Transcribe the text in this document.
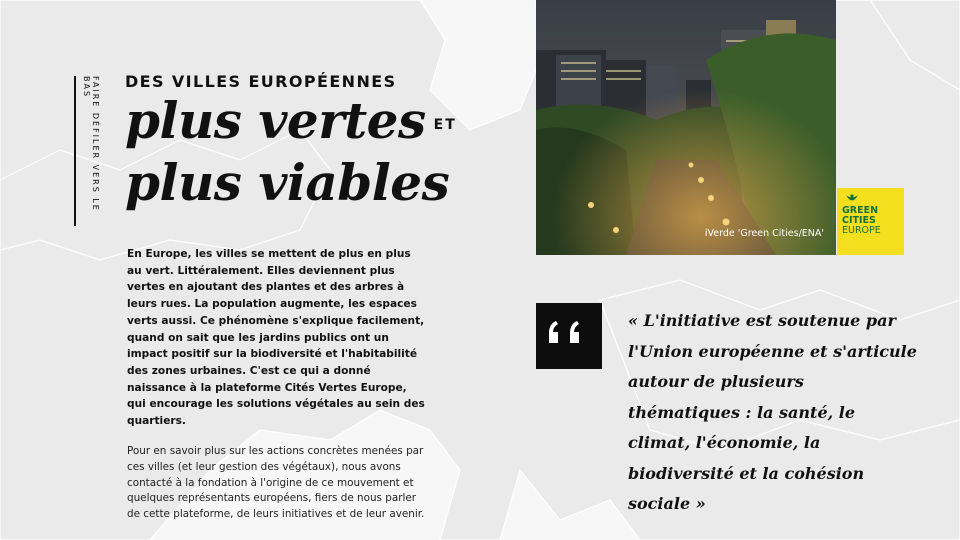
FAIRE DÉFILER VERS LE BAS	DES VILLES EUROPÉENNES
plus vertes ET
plus viables

En Europe, les villes se mettent de plus en plus au vert. Littéralement. Elles deviennent plus vertes en ajoutant des plantes et des arbres à leurs rues. La population augmente, les espaces verts aussi. Ce phénomène s'explique facilement, quand on sait que les jardins publics ont un impact positif sur la biodiversité et l'habitabilité des zones urbaines. C'est ce qui a donné naissance à la plateforme Cités Vertes Europe, qui encourage les solutions végétales au sein des quartiers.

Pour en savoir plus sur les actions concrètes menées par ces villes (et leur gestion des végétaux), nous avons contacté à la fondation à l'origine de ce mouvement et quelques représentants européens, fiers de nous parler de cette plateforme, de leurs initiatives et de leur avenir.

iVerde 'Green Cities/ENA'
GREEN
CITIES
EUROPE

« L'initiative est soutenue par l'Union européenne et s'articule autour de plusieurs thématiques : la santé, le climat, l'économie, la biodiversité et la cohésion sociale »
